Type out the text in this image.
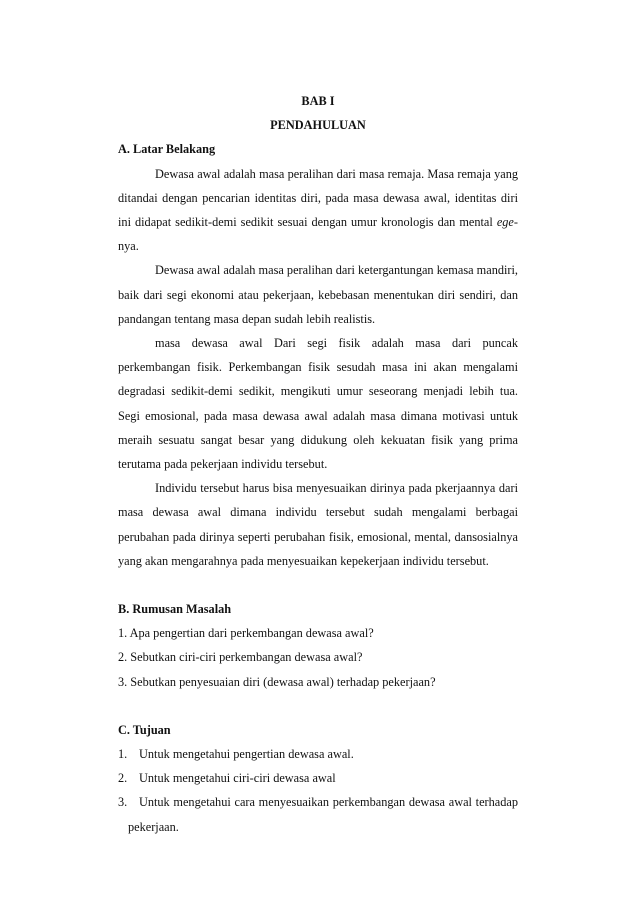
BAB I
PENDAHULUAN
A. Latar Belakang

Dewasa awal adalah masa peralihan dari masa remaja. Masa remaja yang ditandai dengan pencarian identitas diri, pada masa dewasa awal, identitas diri ini didapat sedikit-demi sedikit sesuai dengan umur kronologis dan mental ege-nya.

Dewasa awal adalah masa peralihan dari ketergantungan kemasa mandiri, baik dari segi ekonomi atau pekerjaan, kebebasan menentukan diri sendiri, dan pandangan tentang masa depan sudah lebih realistis.

masa dewasa awal Dari segi fisik adalah masa dari puncak perkembangan fisik. Perkembangan fisik sesudah masa ini akan mengalami degradasi sedikit-demi sedikit, mengikuti umur seseorang menjadi lebih tua. Segi emosional, pada masa dewasa awal adalah masa dimana motivasi untuk meraih sesuatu sangat besar yang didukung oleh kekuatan fisik yang prima terutama pada pekerjaan individu tersebut.

Individu tersebut harus bisa menyesuaikan dirinya pada pkerjaannya dari masa dewasa awal dimana individu tersebut sudah mengalami berbagai perubahan pada dirinya seperti perubahan fisik, emosional, mental, dansosialnya yang akan mengarahnya pada menyesuaikan kepekerjaan individu tersebut.

B. Rumusan Masalah
1. Apa pengertian dari perkembangan dewasa awal?
2. Sebutkan ciri-ciri perkembangan dewasa awal?
3. Sebutkan penyesuaian diri (dewasa awal) terhadap pekerjaan?
C. Tujuan
1. Untuk mengetahui pengertian dewasa awal.
2. Untuk mengetahui ciri-ciri dewasa awal
3. Untuk mengetahui cara menyesuaikan perkembangan dewasa awal terhadap pekerjaan.
